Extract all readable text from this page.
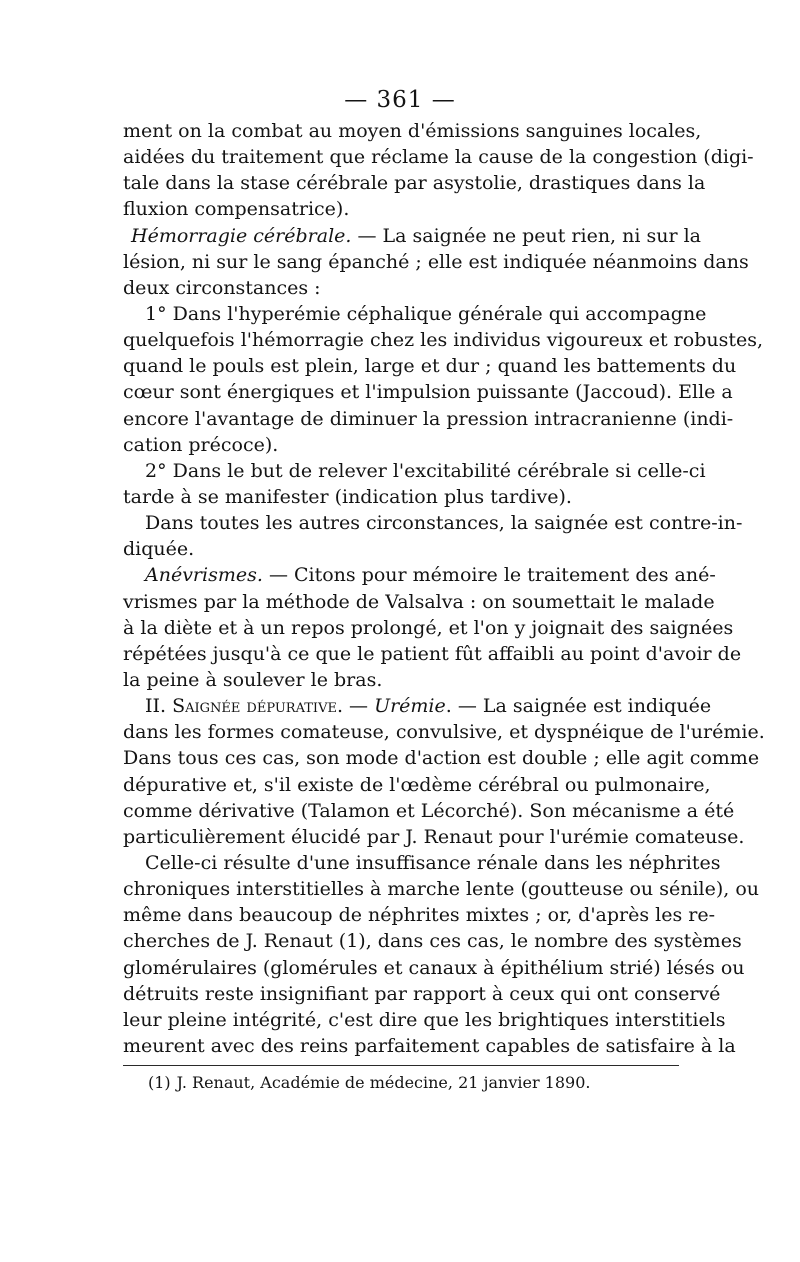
— 361 —
ment on la combat au moyen d'émissions sanguines locales,
aidées du traitement que réclame la cause de la congestion (digi-
tale dans la stase cérébrale par asystolie, drastiques dans la
fluxion compensatrice).
Hémorragie cérébrale. — La saignée ne peut rien, ni sur la
lésion, ni sur le sang épanché ; elle est indiquée néanmoins dans
deux circonstances :
1° Dans l'hyperémie céphalique générale qui accompagne
quelquefois l'hémorragie chez les individus vigoureux et robustes,
quand le pouls est plein, large et dur ; quand les battements du
cœur sont énergiques et l'impulsion puissante (Jaccoud). Elle a
encore l'avantage de diminuer la pression intracranienne (indi-
cation précoce).
2° Dans le but de relever l'excitabilité cérébrale si celle-ci
tarde à se manifester (indication plus tardive).
Dans toutes les autres circonstances, la saignée est contre-in-
diquée.
Anévrismes. — Citons pour mémoire le traitement des ané-
vrismes par la méthode de Valsalva : on soumettait le malade
à la diète et à un repos prolongé, et l'on y joignait des saignées
répétées jusqu'à ce que le patient fût affaibli au point d'avoir de
la peine à soulever le bras.
II. Saignée dépurative. — Urémie. — La saignée est indiquée
dans les formes comateuse, convulsive, et dyspnéique de l'urémie.
Dans tous ces cas, son mode d'action est double ; elle agit comme
dépurative et, s'il existe de l'œdème cérébral ou pulmonaire,
comme dérivative (Talamon et Lécorché). Son mécanisme a été
particulièrement élucidé par J. Renaut pour l'urémie comateuse.
Celle-ci résulte d'une insuffisance rénale dans les néphrites
chroniques interstitielles à marche lente (goutteuse ou sénile), ou
même dans beaucoup de néphrites mixtes ; or, d'après les re-
cherches de J. Renaut (1), dans ces cas, le nombre des systèmes
glomérulaires (glomérules et canaux à épithélium strié) lésés ou
détruits reste insignifiant par rapport à ceux qui ont conservé
leur pleine intégrité, c'est dire que les brightiques interstitiels
meurent avec des reins parfaitement capables de satisfaire à la
(1) J. Renaut, Académie de médecine, 21 janvier 1890.
